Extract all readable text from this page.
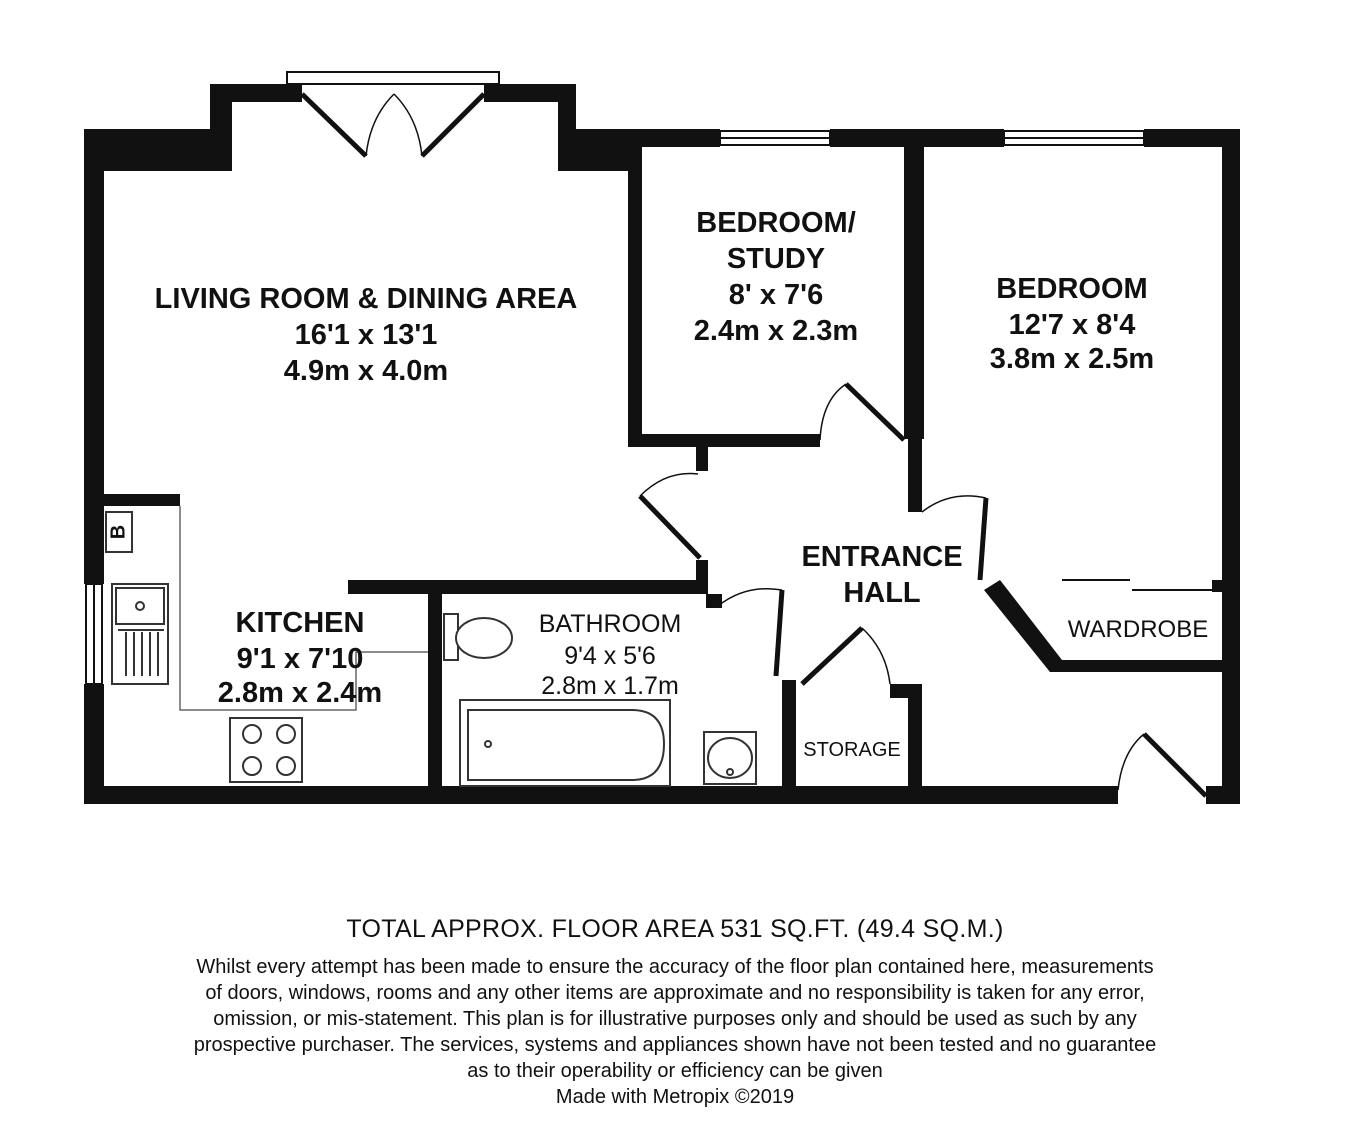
LIVING ROOM & DINING AREA
16'1 x 13'1
4.9m x 4.0m
BEDROOM/
STUDY
8' x 7'6
2.4m x 2.3m
BEDROOM
12'7 x 8'4
3.8m x 2.5m
ENTRANCE
HALL
KITCHEN
9'1 x 7'10
2.8m x 2.4m
BATHROOM
9'4 x 5'6
2.8m x 1.7m
WARDROBE
STORAGE
B
TOTAL APPROX. FLOOR AREA 531 SQ.FT. (49.4 SQ.M.)

Whilst every attempt has been made to ensure the accuracy of the floor plan contained here, measurements

of doors, windows, rooms and any other items are approximate and no responsibility is taken for any error,

omission, or mis-statement. This plan is for illustrative purposes only and should be used as such by any

prospective purchaser. The services, systems and appliances shown have not been tested and no guarantee

as to their operability or efficiency can be given

Made with Metropix ©2019
